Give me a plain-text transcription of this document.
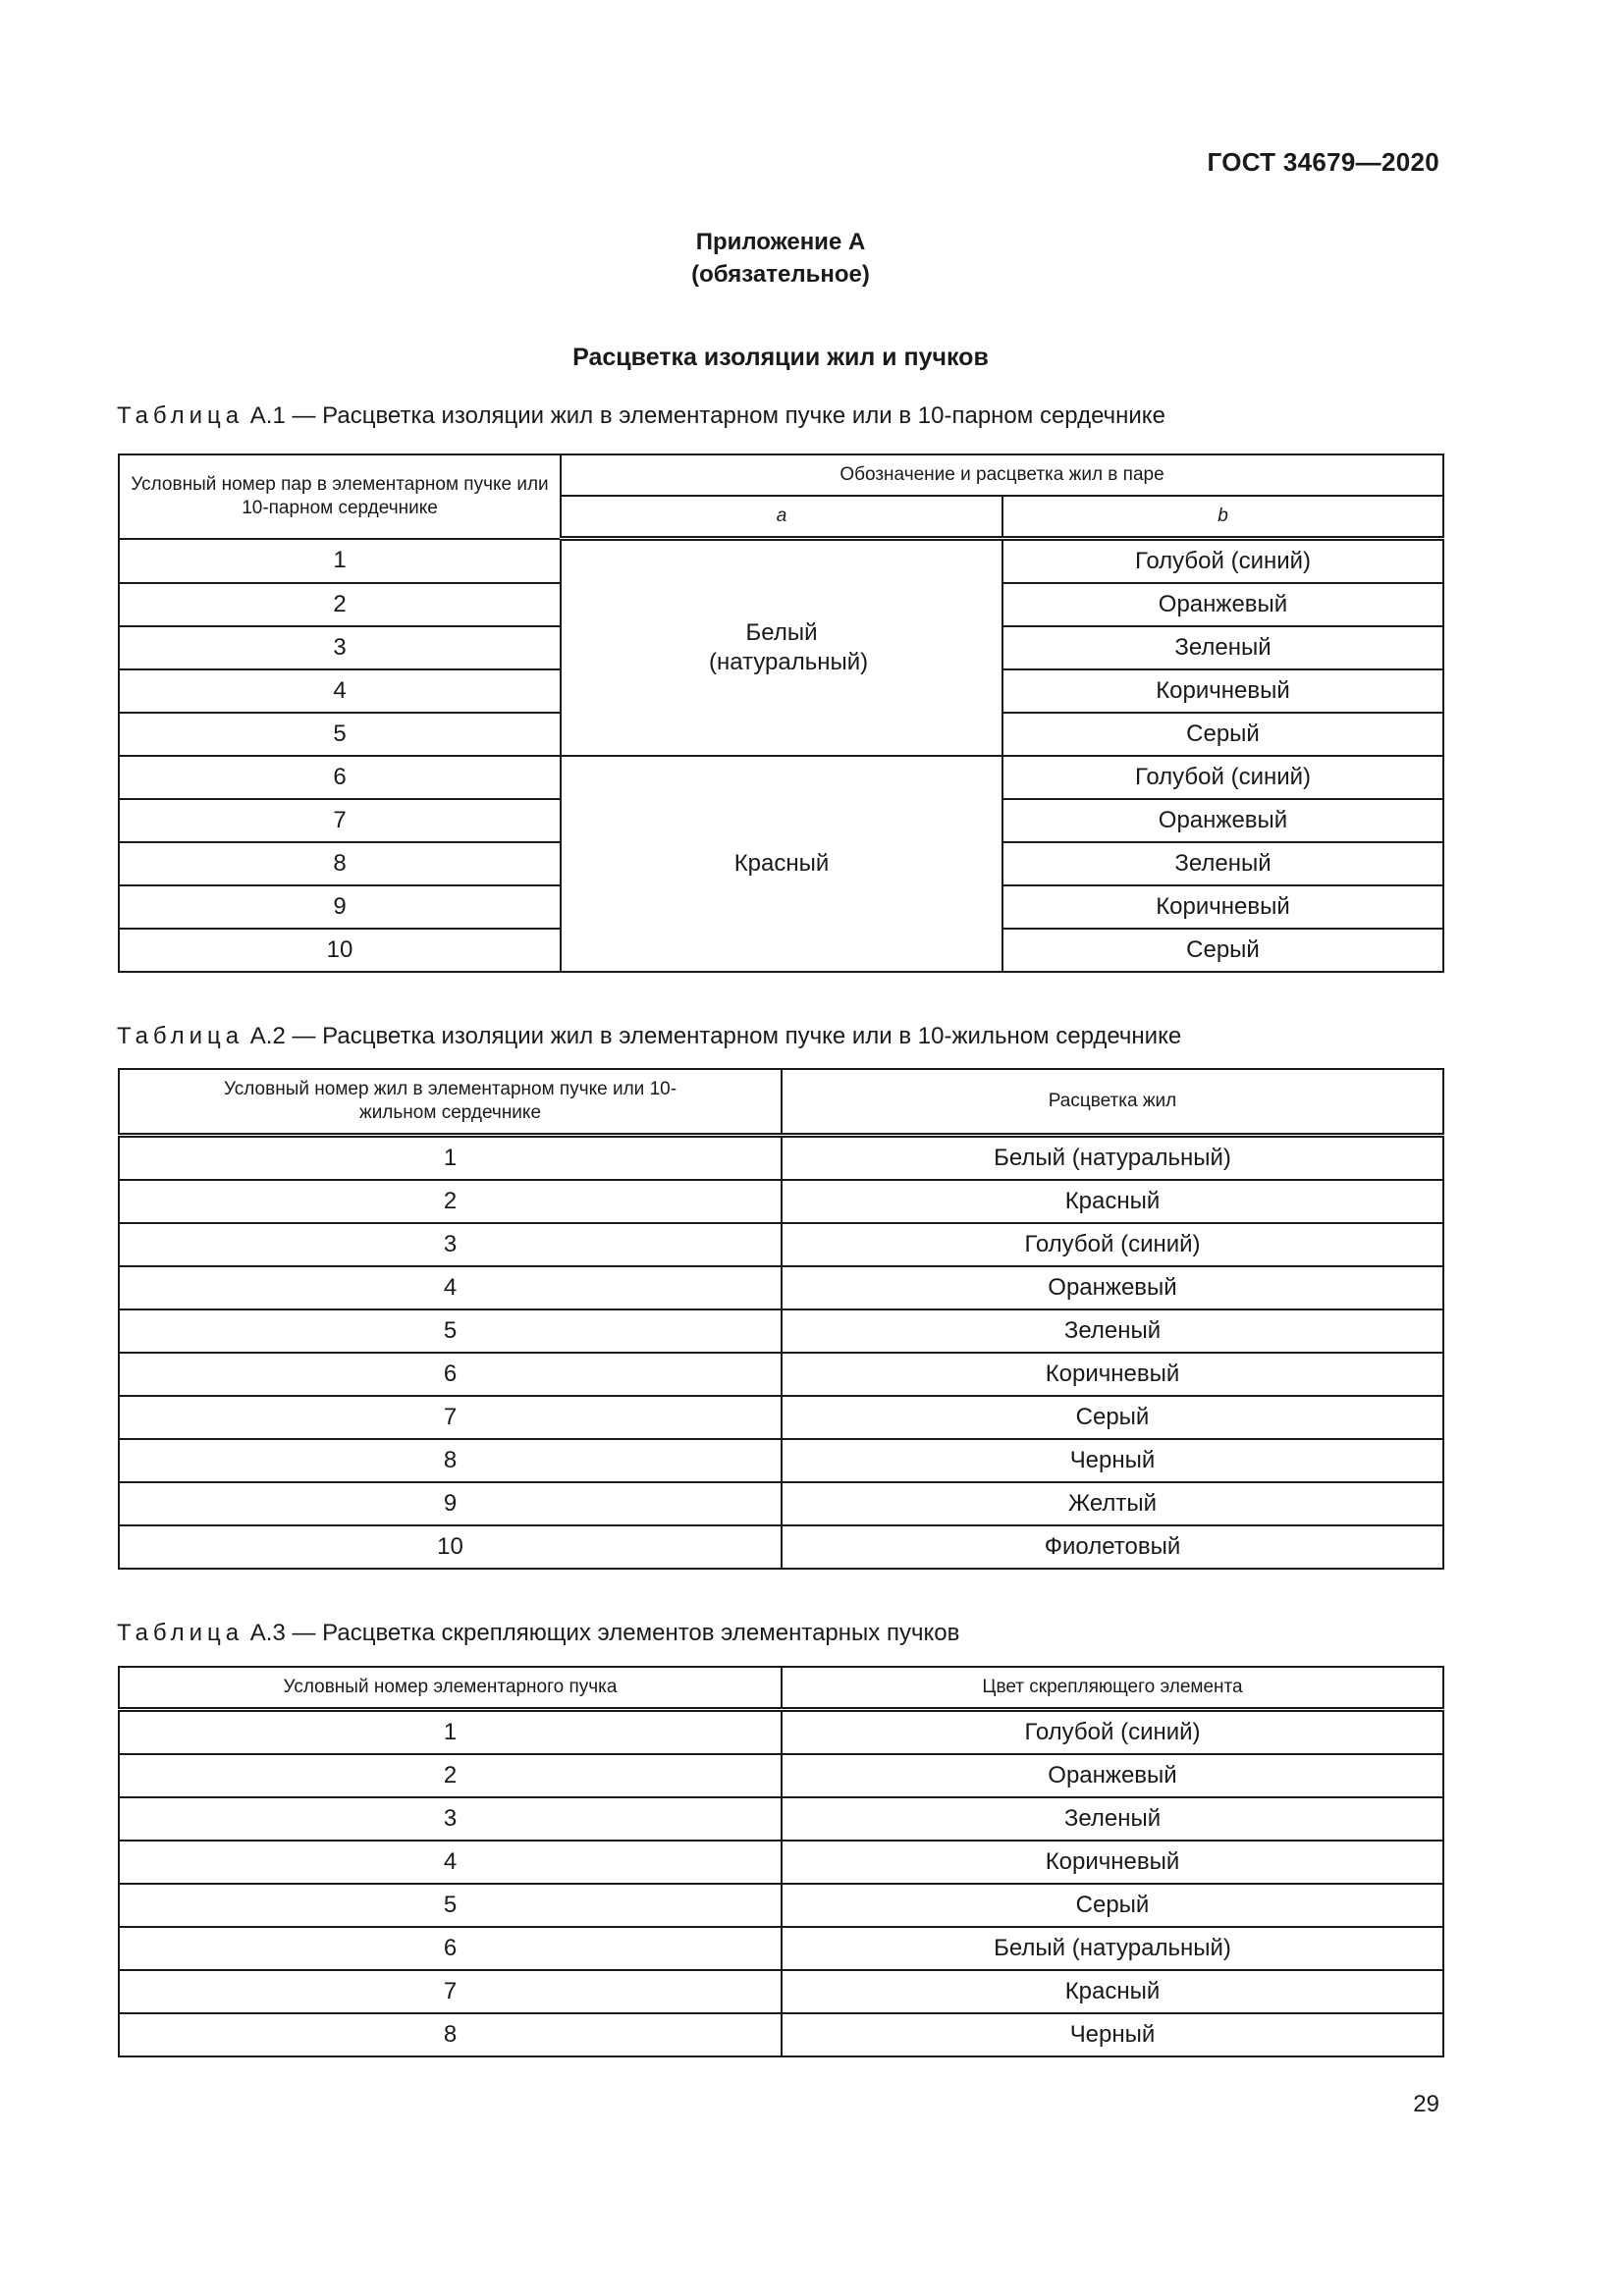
ГОСТ 34679—2020
Приложение А
(обязательное)
Расцветка изоляции жил и пучков
Таблица А.1 — Расцветка изоляции жил в элементарном пучке или в 10-парном сердечнике
Условный номер пар в элементарном пучке или 10-парном сердечнике	Обозначение и расцветка жил в паре	
	a	b
1	Белый (натуральный)	Голубой (синий)
2		Оранжевый
3		Зеленый
4		Коричневый
5		Серый
6	Красный	Голубой (синий)
7		Оранжевый
8		Зеленый
9		Коричневый
10		Серый
Таблица А.2 — Расцветка изоляции жил в элементарном пучке или в 10-жильном сердечнике
Условный номер жил в элементарном пучке или 10-жильном сердечнике	Расцветка жил
1	Белый (натуральный)
2	Красный
3	Голубой (синий)
4	Оранжевый
5	Зеленый
6	Коричневый
7	Серый
8	Черный
9	Желтый
10	Фиолетовый
Таблица А.3 — Расцветка скрепляющих элементов элементарных пучков
Условный номер элементарного пучка	Цвет скрепляющего элемента
1	Голубой (синий)
2	Оранжевый
3	Зеленый
4	Коричневый
5	Серый
6	Белый (натуральный)
7	Красный
8	Черный
29
